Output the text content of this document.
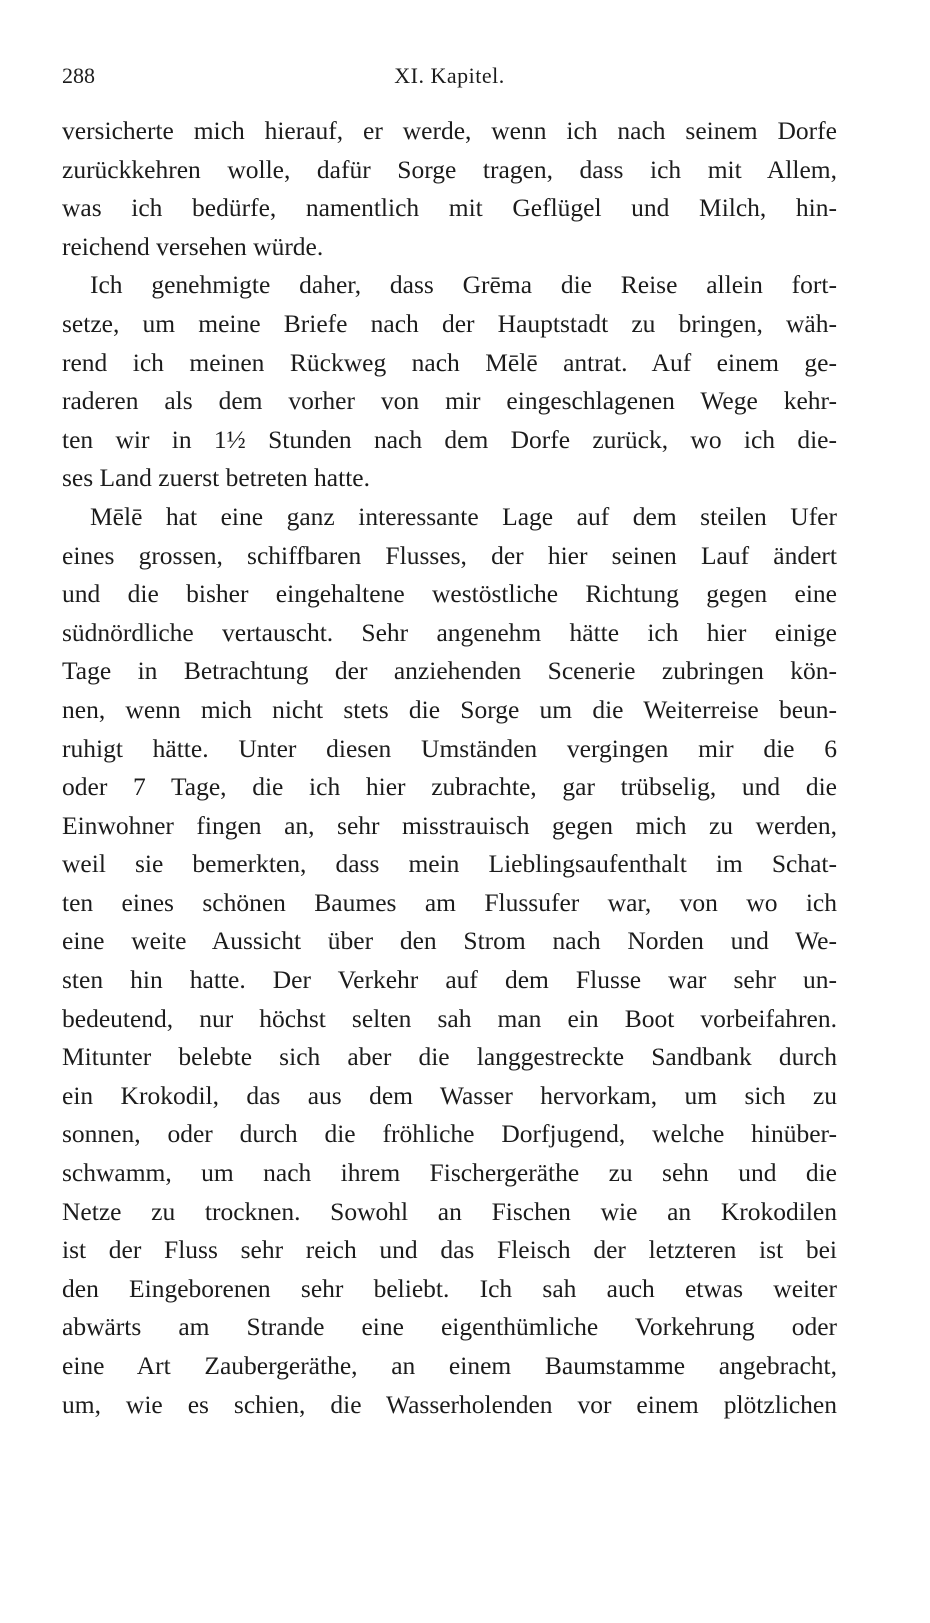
288	XI. Kapitel.
versicherte mich hierauf, er werde, wenn ich nach seinem Dorfe
zurückkehren wolle, dafür Sorge tragen, dass ich mit Allem,
was ich bedürfe, namentlich mit Geflügel und Milch, hin-
reichend versehen würde.
Ich genehmigte daher, dass Grēma die Reise allein fort-
setze, um meine Briefe nach der Hauptstadt zu bringen, wäh-
rend ich meinen Rückweg nach Mēlē antrat. Auf einem ge-
raderen als dem vorher von mir eingeschlagenen Wege kehr-
ten wir in 1½ Stunden nach dem Dorfe zurück, wo ich die-
ses Land zuerst betreten hatte.
Mēlē hat eine ganz interessante Lage auf dem steilen Ufer
eines grossen, schiffbaren Flusses, der hier seinen Lauf ändert
und die bisher eingehaltene westöstliche Richtung gegen eine
südnördliche vertauscht. Sehr angenehm hätte ich hier einige
Tage in Betrachtung der anziehenden Scenerie zubringen kön-
nen, wenn mich nicht stets die Sorge um die Weiterreise beun-
ruhigt hätte. Unter diesen Umständen vergingen mir die 6
oder 7 Tage, die ich hier zubrachte, gar trübselig, und die
Einwohner fingen an, sehr misstrauisch gegen mich zu werden,
weil sie bemerkten, dass mein Lieblingsaufenthalt im Schat-
ten eines schönen Baumes am Flussufer war, von wo ich
eine weite Aussicht über den Strom nach Norden und We-
sten hin hatte. Der Verkehr auf dem Flusse war sehr un-
bedeutend, nur höchst selten sah man ein Boot vorbeifahren.
Mitunter belebte sich aber die langgestreckte Sandbank durch
ein Krokodil, das aus dem Wasser hervorkam, um sich zu
sonnen, oder durch die fröhliche Dorfjugend, welche hinüber-
schwamm, um nach ihrem Fischergeräthe zu sehn und die
Netze zu trocknen. Sowohl an Fischen wie an Krokodilen
ist der Fluss sehr reich und das Fleisch der letzteren ist bei
den Eingeborenen sehr beliebt. Ich sah auch etwas weiter
abwärts am Strande eine eigenthümliche Vorkehrung oder
eine Art Zaubergeräthe, an einem Baumstamme angebracht,
um, wie es schien, die Wasserholenden vor einem plötzlichen
